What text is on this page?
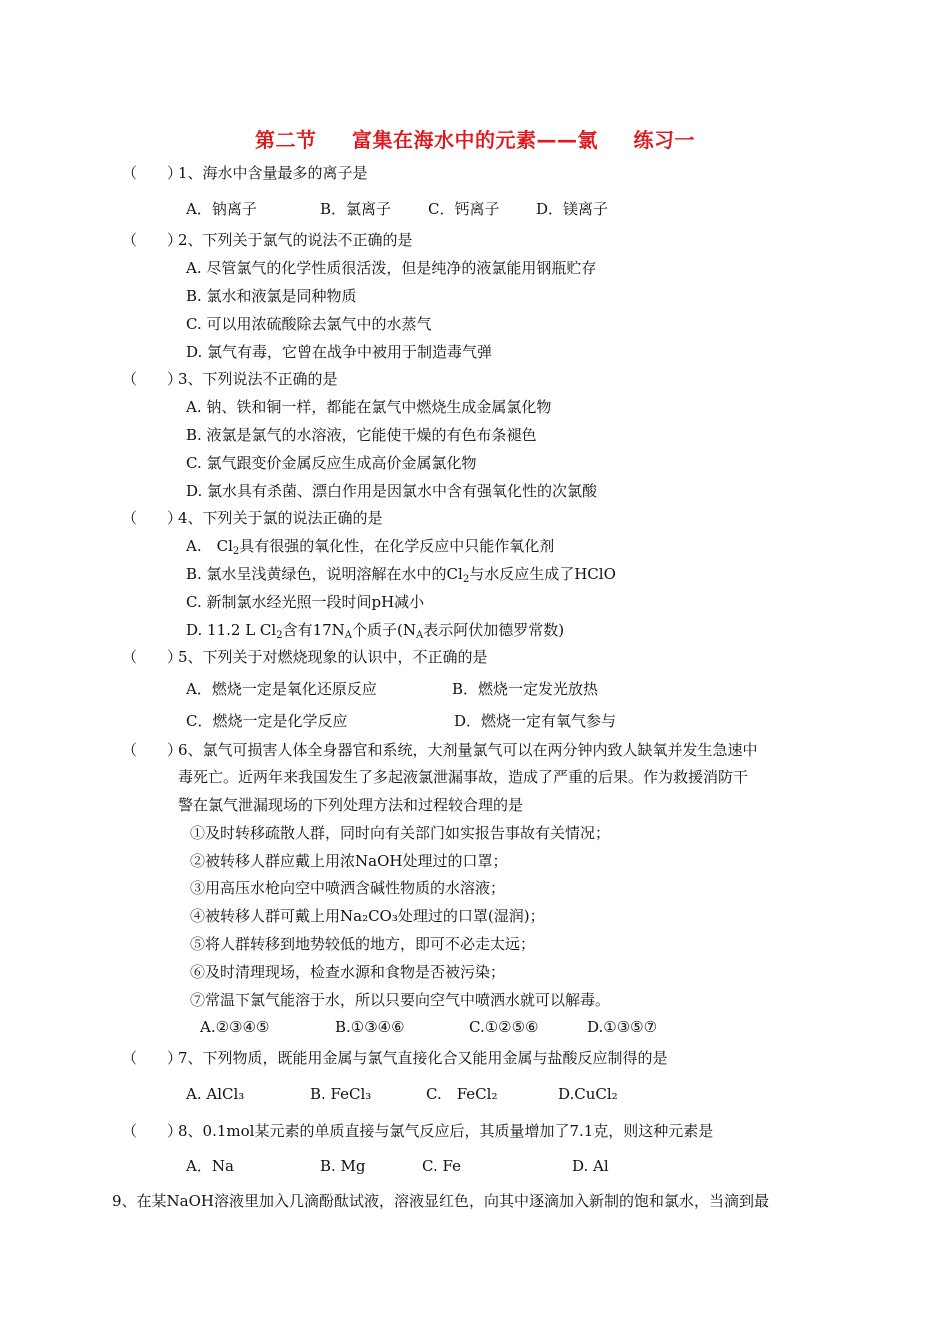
第二节 富集在海水中的元素——氯 练习一
（　　）1、海水中含量最多的离子是
A．钠离子	B．氯离子 C．钙离子 D．镁离子
（　　）2、下列关于氯气的说法不正确的是
A. 尽管氯气的化学性质很活泼，但是纯净的液氯能用钢瓶贮存
B. 氯水和液氯是同种物质
C. 可以用浓硫酸除去氯气中的水蒸气
D. 氯气有毒，它曾在战争中被用于制造毒气弹
（　　）3、下列说法不正确的是
A. 钠、铁和铜一样，都能在氯气中燃烧生成金属氯化物
B. 液氯是氯气的水溶液，它能使干燥的有色布条褪色
C. 氯气跟变价金属反应生成高价金属氯化物
D. 氯水具有杀菌、漂白作用是因氯水中含有强氧化性的次氯酸
（　　）4、下列关于氯的说法正确的是
A.　$Cl_2$具有很强的氧化性，在化学反应中只能作氧化剂
B. 氯水呈浅黄绿色，说明溶解在水中的$Cl_2$与水反应生成了HClO
C. 新制氯水经光照一段时间pH减小
D. 11.2 L $Cl_2$含有$17N_A$个质子($N_A$表示阿伏加德罗常数)
（　　）5、下列关于对燃烧现象的认识中，不正确的是
A．燃烧一定是氧化还原反应	B．燃烧一定发光放热
C．燃烧一定是化学反应	D．燃烧一定有氧气参与
（　　）6、氯气可损害人体全身器官和系统，大剂量氯气可以在两分钟内致人缺氧并发生急速中
毒死亡。近两年来我国发生了多起液氯泄漏事故，造成了严重的后果。作为救援消防干
警在氯气泄漏现场的下列处理方法和过程较合理的是
①及时转移疏散人群，同时向有关部门如实报告事故有关情况；
②被转移人群应戴上用浓NaOH处理过的口罩；
③用高压水枪向空中喷洒含碱性物质的水溶液；
④被转移人群可戴上用Na₂CO₃处理过的口罩(湿润)；
⑤将人群转移到地势较低的地方，即可不必走太远；
⑥及时清理现场，检查水源和食物是否被污染；
⑦常温下氯气能溶于水，所以只要向空气中喷洒水就可以解毒。
A.②③④⑤	B.①③④⑥	C.①②⑤⑥	D.①③⑤⑦
（　　）7、下列物质，既能用金属与氯气直接化合又能用金属与盐酸反应制得的是
A. AlCl₃	B. FeCl₃	C.　FeCl₂	D.CuCl₂
（　　）8、0.1mol某元素的单质直接与氯气反应后，其质量增加了7.1克，则这种元素是
A．Na	B. Mg	C. Fe	D. Al
9、在某NaOH溶液里加入几滴酚酞试液，溶液显红色，向其中逐滴加入新制的饱和氯水，当滴到最
